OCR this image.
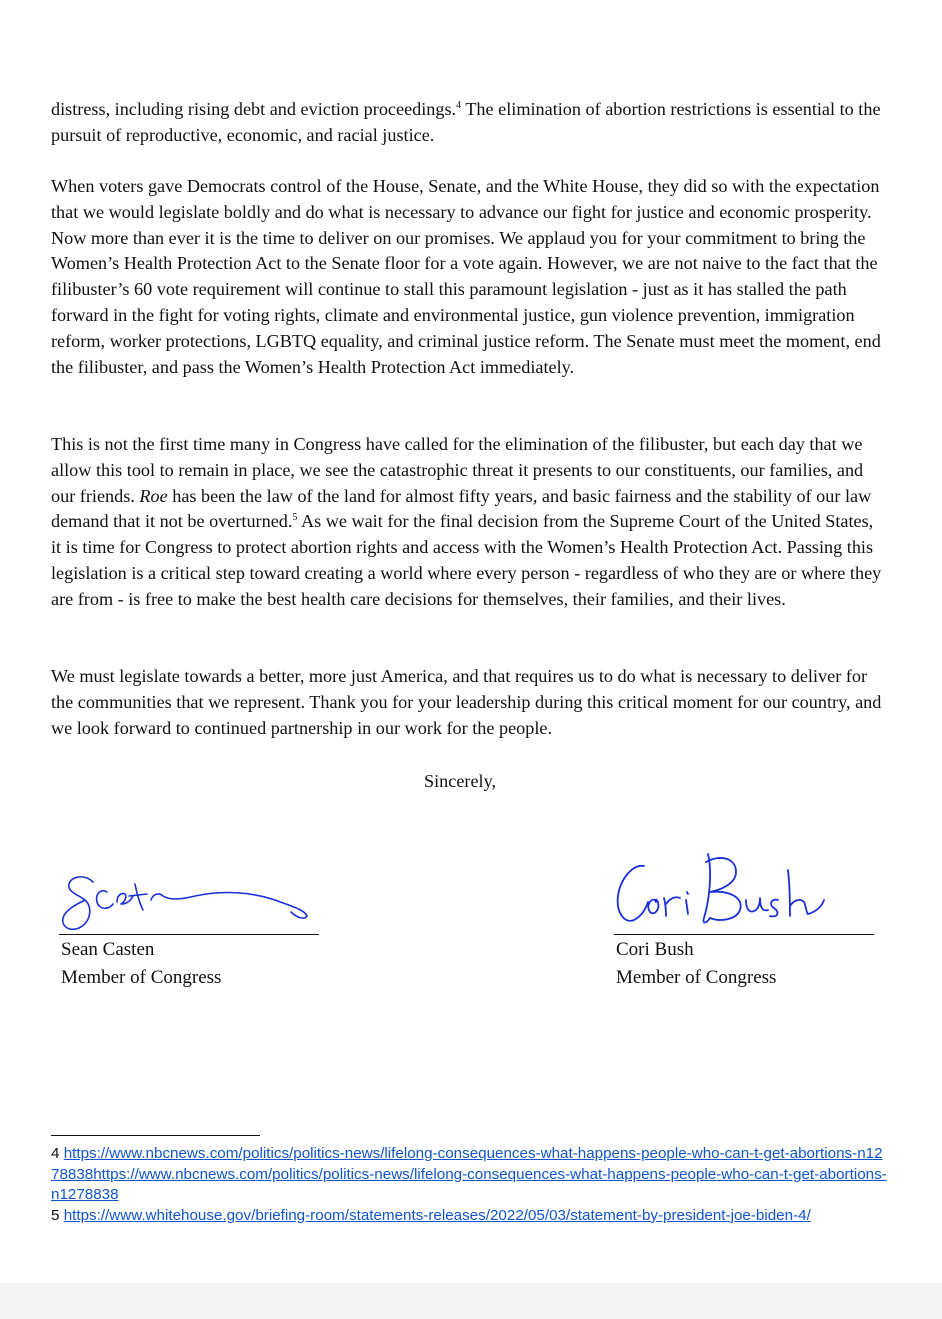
distress, including rising debt and eviction proceedings.$^4$ The elimination of abortion restrictions is essential to the pursuit of reproductive, economic, and racial justice.

When voters gave Democrats control of the House, Senate, and the White House, they did so with the expectation that we would legislate boldly and do what is necessary to advance our fight for justice and economic prosperity. Now more than ever it is the time to deliver on our promises. We applaud you for your commitment to bring the Women’s Health Protection Act to the Senate floor for a vote again. However, we are not naive to the fact that the filibuster’s 60 vote requirement will continue to stall this paramount legislation - just as it has stalled the path forward in the fight for voting rights, climate and environmental justice, gun violence prevention, immigration reform, worker protections, LGBTQ equality, and criminal justice reform. The Senate must meet the moment, end the filibuster, and pass the Women’s Health Protection Act immediately.

This is not the first time many in Congress have called for the elimination of the filibuster, but each day that we allow this tool to remain in place, we see the catastrophic threat it presents to our constituents, our families, and our friends. Roe has been the law of the land for almost fifty years, and basic fairness and the stability of our law demand that it not be overturned.$^5$ As we wait for the final decision from the Supreme Court of the United States, it is time for Congress to protect abortion rights and access with the Women’s Health Protection Act. Passing this legislation is a critical step toward creating a world where every person - regardless of who they are or where they are from - is free to make the best health care decisions for themselves, their families, and their lives.

We must legislate towards a better, more just America, and that requires us to do what is necessary to deliver for the communities that we represent. Thank you for your leadership during this critical moment for our country, and we look forward to continued partnership in our work for the people.

Sincerely,
Sean Casten
Member of Congress
Cori Bush
Member of Congress

4 https://www.nbcnews.com/politics/politics-news/lifelong-consequences-what-happens-people-who-can-t-get-abortions-n1278838https://www.nbcnews.com/politics/politics-news/lifelong-consequences-what-happens-people-who-can-t-get-abortions-n1278838

5 https://www.whitehouse.gov/briefing-room/statements-releases/2022/05/03/statement-by-president-joe-biden-4/
